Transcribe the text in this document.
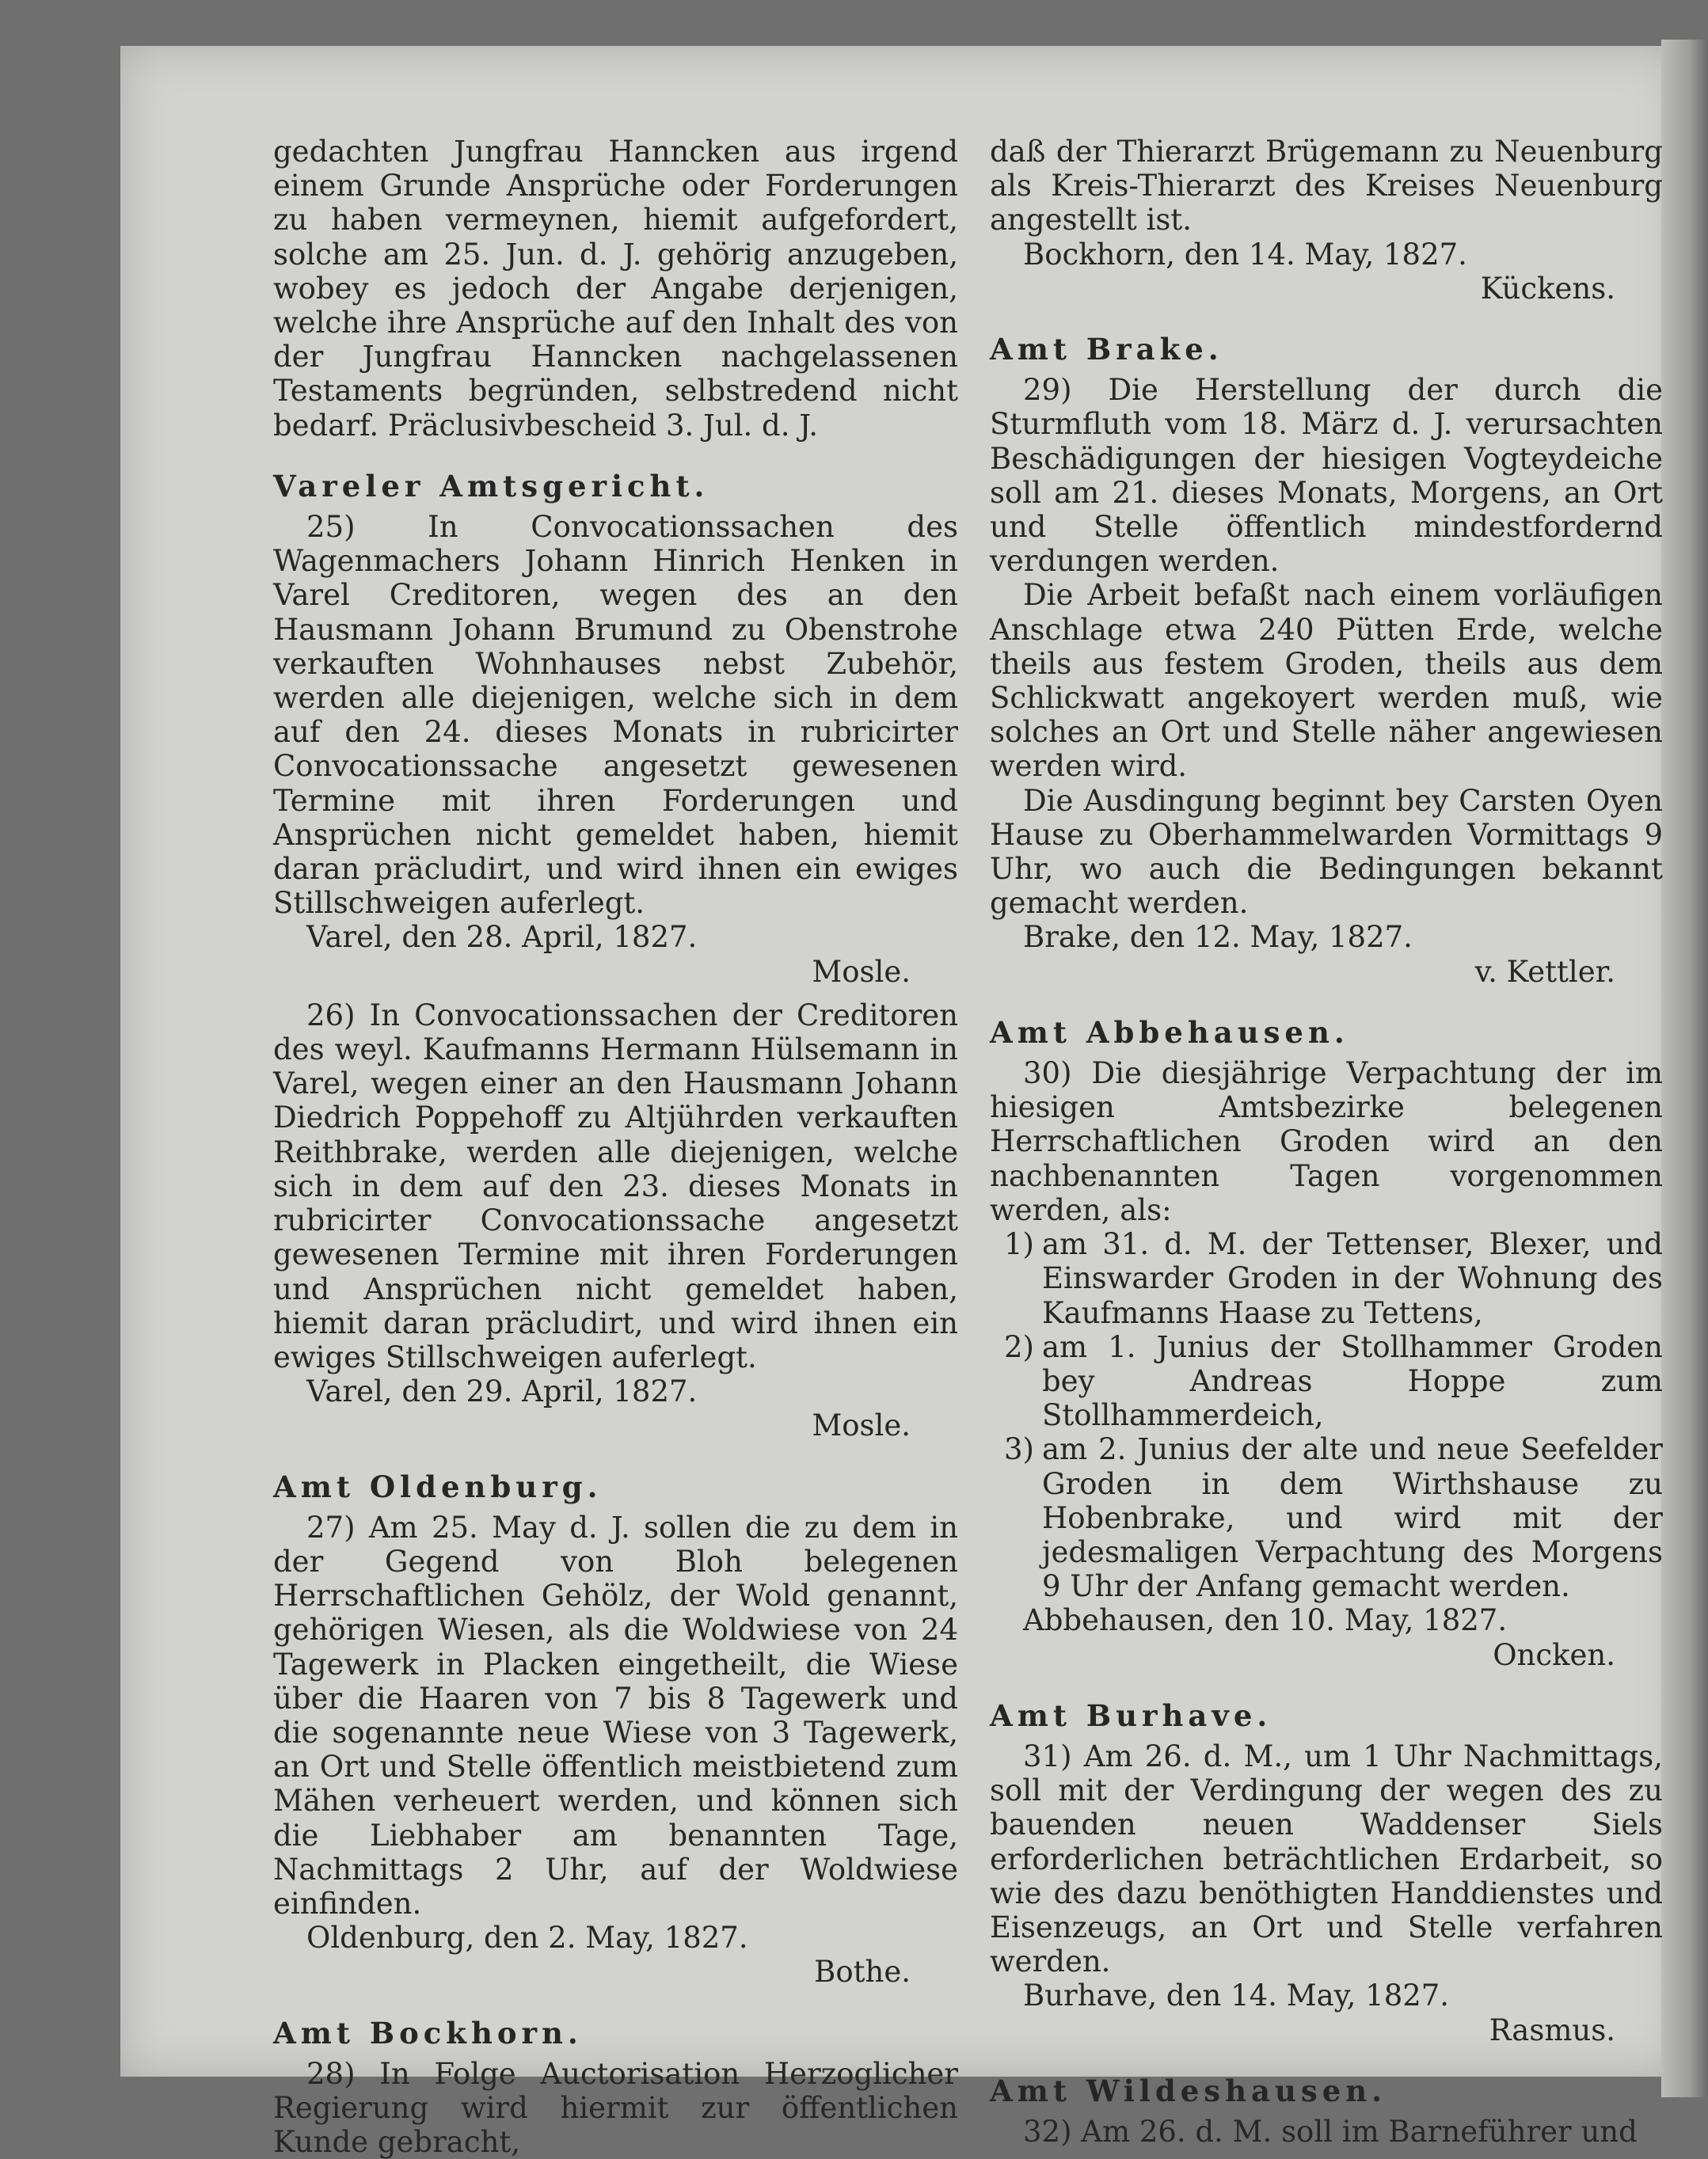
gedachten Jungfrau Hanncken aus irgend einem Grunde Ansprüche oder Forderungen zu haben vermeynen, hiemit aufgefordert, solche am 25. Jun. d. J. gehörig anzugeben, wobey es jedoch der Angabe derjenigen, welche ihre Ansprüche auf den Inhalt des von der Jungfrau Hanncken nachgelassenen Testaments begründen, selbstredend nicht bedarf. Präclusivbescheid 3. Jul. d. J.

Vareler Amtsgericht.

25) In Convocationssachen des Wagenmachers Johann Hinrich Henken in Varel Creditoren, wegen des an den Hausmann Johann Brumund zu Obenstrohe verkauften Wohnhauses nebst Zubehör, werden alle diejenigen, welche sich in dem auf den 24. dieses Monats in rubricirter Convocationssache angesetzt gewesenen Termine mit ihren Forderungen und Ansprüchen nicht gemeldet haben, hiemit daran präcludirt, und wird ihnen ein ewiges Stillschweigen auferlegt.

Varel, den 28. April, 1827.

Mosle.

26) In Convocationssachen der Creditoren des weyl. Kaufmanns Hermann Hülsemann in Varel, wegen einer an den Hausmann Johann Diedrich Poppehoff zu Altjührden verkauften Reithbrake, werden alle diejenigen, welche sich in dem auf den 23. dieses Monats in rubricirter Convocationssache angesetzt gewesenen Termine mit ihren Forderungen und Ansprüchen nicht gemeldet haben, hiemit daran präcludirt, und wird ihnen ein ewiges Stillschweigen auferlegt.

Varel, den 29. April, 1827.

Mosle.

Amt Oldenburg.

27) Am 25. May d. J. sollen die zu dem in der Gegend von Bloh belegenen Herrschaftlichen Gehölz, der Wold genannt, gehörigen Wiesen, als die Woldwiese von 24 Tagewerk in Placken eingetheilt, die Wiese über die Haaren von 7 bis 8 Tagewerk und die sogenannte neue Wiese von 3 Tagewerk, an Ort und Stelle öffentlich meistbietend zum Mähen verheuert werden, und können sich die Liebhaber am benannten Tage, Nachmittags 2 Uhr, auf der Woldwiese einfinden.

Oldenburg, den 2. May, 1827.

Bothe.

Amt Bockhorn.

28) In Folge Auctorisation Herzoglicher Regierung wird hiermit zur öffentlichen Kunde gebracht,

daß der Thierarzt Brügemann zu Neuenburg als Kreis-Thierarzt des Kreises Neuenburg angestellt ist.

Bockhorn, den 14. May, 1827.

Kückens.

Amt Brake.

29) Die Herstellung der durch die Sturmfluth vom 18. März d. J. verursachten Beschädigungen der hiesigen Vogteydeiche soll am 21. dieses Monats, Morgens, an Ort und Stelle öffentlich mindestfordernd verdungen werden.

Die Arbeit befaßt nach einem vorläufigen Anschlage etwa 240 Pütten Erde, welche theils aus festem Groden, theils aus dem Schlickwatt angekoyert werden muß, wie solches an Ort und Stelle näher angewiesen werden wird.

Die Ausdingung beginnt bey Carsten Oyen Hause zu Oberhammelwarden Vormittags 9 Uhr, wo auch die Bedingungen bekannt gemacht werden.

Brake, den 12. May, 1827.

v. Kettler.

Amt Abbehausen.

30) Die diesjährige Verpachtung der im hiesigen Amtsbezirke belegenen Herrschaftlichen Groden wird an den nachbenannten Tagen vorgenommen werden, als:

1) am 31. d. M. der Tettenser, Blexer, und Einswarder Groden in der Wohnung des Kaufmanns Haase zu Tettens,
2) am 1. Junius der Stollhammer Groden bey Andreas Hoppe zum Stollhammerdeich,
3) am 2. Junius der alte und neue Seefelder Groden in dem Wirthshause zu Hobenbrake, und wird mit der jedesmaligen Verpachtung des Morgens 9 Uhr der Anfang gemacht werden.

Abbehausen, den 10. May, 1827.

Oncken.

Amt Burhave.

31) Am 26. d. M., um 1 Uhr Nachmittags, soll mit der Verdingung der wegen des zu bauenden neuen Waddenser Siels erforderlichen beträchtlichen Erdarbeit, so wie des dazu benöthigten Handdienstes und Eisenzeugs, an Ort und Stelle verfahren werden.

Burhave, den 14. May, 1827.

Rasmus.

Amt Wildeshausen.

32) Am 26. d. M. soll im Barneführer und
